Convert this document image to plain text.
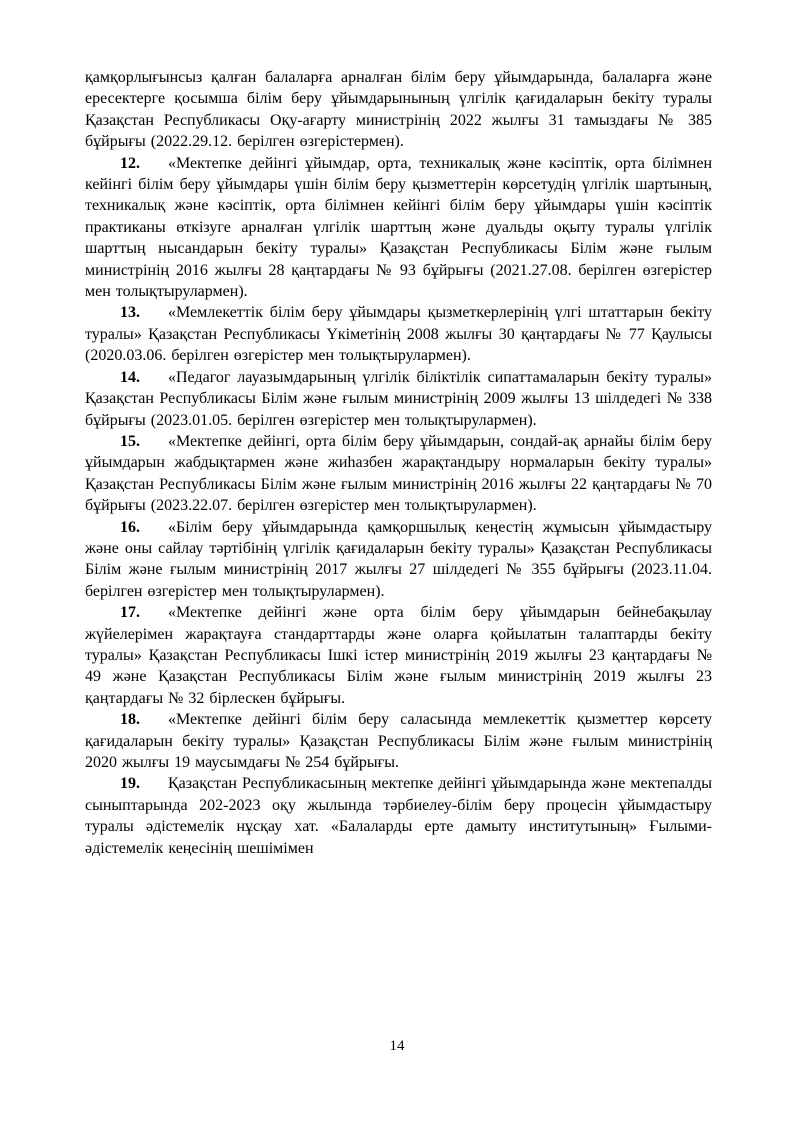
қамқорлығынсыз қалған балаларға арналған білім беру ұйымдарында, балаларға және ересектерге қосымша білім беру ұйымдарынының үлгілік қағидаларын бекіту туралы Қазақстан Республикасы Оқу-ағарту министрінің 2022 жылғы 31 тамыздағы № 385 бұйрығы (2022.29.12. берілген өзгерістермен).

12. «Мектепке дейінгі ұйымдар, орта, техникалық және кәсіптік, орта білімнен кейінгі білім беру ұйымдары үшін білім беру қызметтерін көрсетудің үлгілік шартының, техникалық және кәсіптік, орта білімнен кейінгі білім беру ұйымдары үшін кәсіптік практиканы өткізуге арналған үлгілік шарттың және дуальды оқыту туралы үлгілік шарттың нысандарын бекіту туралы» Қазақстан Республикасы Білім және ғылым министрінің 2016 жылғы 28 қаңтардағы № 93 бұйрығы (2021.27.08. берілген өзгерістер мен толықтырулармен).

13. «Мемлекеттік білім беру ұйымдары қызметкерлерінің үлгі штаттарын бекіту туралы» Қазақстан Республикасы Үкіметінің 2008 жылғы 30 қаңтардағы № 77 Қаулысы (2020.03.06. берілген өзгерістер мен толықтырулармен).

14. «Педагог лауазымдарының үлгілік біліктілік сипаттамаларын бекіту туралы» Қазақстан Республикасы Білім және ғылым министрінің 2009 жылғы 13 шілдедегі № 338 бұйрығы (2023.01.05. берілген өзгерістер мен толықтырулармен).

15. «Мектепке дейінгі, орта білім беру ұйымдарын, сондай-ақ арнайы білім беру ұйымдарын жабдықтармен және жиһазбен жарақтандыру нормаларын бекіту туралы» Қазақстан Республикасы Білім және ғылым министрінің 2016 жылғы 22 қаңтардағы № 70 бұйрығы (2023.22.07. берілген өзгерістер мен толықтырулармен).

16. «Білім беру ұйымдарында қамқоршылық кеңестің жұмысын ұйымдастыру және оны сайлау тәртібінің үлгілік қағидаларын бекіту туралы» Қазақстан Республикасы Білім және ғылым министрінің 2017 жылғы 27 шілдедегі № 355 бұйрығы (2023.11.04. берілген өзгерістер мен толықтырулармен).

17. «Мектепке дейінгі және орта білім беру ұйымдарын бейнебақылау жүйелерімен жарақтауға стандарттарды және оларға қойылатын талаптарды бекіту туралы» Қазақстан Республикасы Ішкі істер министрінің 2019 жылғы 23 қаңтардағы № 49 және Қазақстан Республикасы Білім және ғылым министрінің 2019 жылғы 23 қаңтардағы № 32 бірлескен бұйрығы.

18. «Мектепке дейінгі білім беру саласында мемлекеттік қызметтер көрсету қағидаларын бекіту туралы» Қазақстан Республикасы Білім және ғылым министрінің 2020 жылғы 19 маусымдағы № 254 бұйрығы.

19. Қазақстан Республикасының мектепке дейінгі ұйымдарында және мектепалды сыныптарында 202-2023 оқу жылында тәрбиелеу-білім беру процесін ұйымдастыру туралы әдістемелік нұсқау хат. «Балаларды ерте дамыту институтының» Ғылыми-әдістемелік кеңесінің шешімімен

14
